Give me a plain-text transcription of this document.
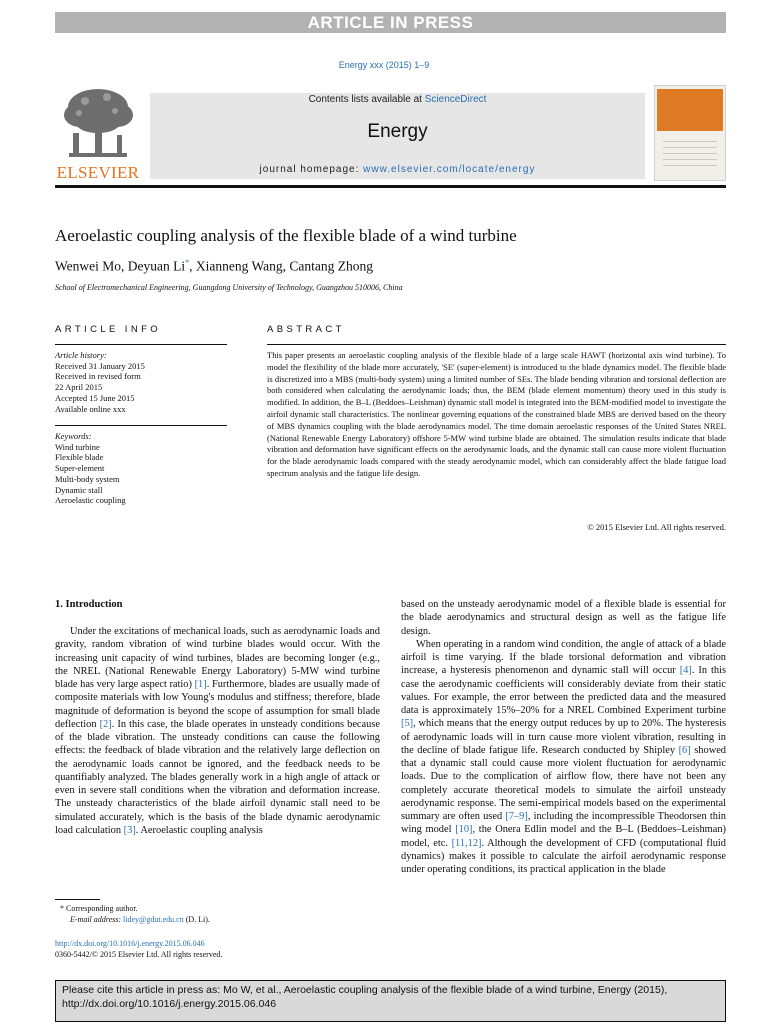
ARTICLE IN PRESS
Energy xxx (2015) 1–9
ELSEVIER
Contents lists available at ScienceDirect
Energy
journal homepage: www.elsevier.com/locate/energy
Aeroelastic coupling analysis of the flexible blade of a wind turbine
Wenwei Mo, Deyuan Li*, Xianneng Wang, Cantang Zhong
School of Electromechanical Engineering, Guangdong University of Technology, Guangzhou 510006, China
ARTICLE INFO	ABSTRACT
Article history:
Received 31 January 2015
Received in revised form
22 April 2015
Accepted 15 June 2015
Available online xxx
Keywords:
Wind turbine
Flexible blade
Super-element
Multi-body system
Dynamic stall
Aeroelastic coupling
This paper presents an aeroelastic coupling analysis of the flexible blade of a large scale HAWT (horizontal axis wind turbine). To model the flexibility of the blade more accurately, 'SE' (super-element) is introduced to the blade dynamics model. The flexible blade is discretized into a MBS (multi-body system) using a limited number of SEs. The blade bending vibration and torsional deflection are both considered when calculating the aerodynamic loads; thus, the BEM (blade element momentum) theory used in this study is modified. In addition, the B–L (Beddoes–Leishman) dynamic stall model is integrated into the BEM-modified model to investigate the airfoil dynamic stall characteristics. The nonlinear governing equations of the constrained blade MBS are derived based on the theory of MBS dynamics coupling with the blade aerodynamics model. The time domain aeroelastic responses of the United States NREL (National Renewable Energy Laboratory) offshore 5-MW wind turbine blade are obtained. The simulation results indicate that blade vibration and deformation have significant effects on the aerodynamic loads, and the dynamic stall can cause more violent fluctuation for the blade aerodynamic loads compared with the steady aerodynamic model, which can considerably affect the blade fatigue load spectrum analysis and the fatigue life design.
© 2015 Elsevier Ltd. All rights reserved.
1. Introduction

Under the excitations of mechanical loads, such as aerodynamic loads and gravity, random vibration of wind turbine blades would occur. With the increasing unit capacity of wind turbines, blades are becoming longer (e.g., the NREL (National Renewable Energy Laboratory) 5-MW wind turbine blade has very large aspect ratio) [1]. Furthermore, blades are usually made of composite materials with low Young's modulus and stiffness; therefore, blade magnitude of deformation is beyond the scope of assumption for small blade deflection [2]. In this case, the blade operates in unsteady conditions because of the blade vibration. The unsteady conditions can cause the following effects: the feedback of blade vibration and the relatively large deflection on the aerodynamic loads cannot be ignored, and the feedback needs to be quantifiably analyzed. The blades generally work in a high angle of attack or even in severe stall conditions when the vibration and deformation increase. The unsteady characteristics of the blade airfoil dynamic stall need to be simulated accurately, which is the basis of the blade dynamic aerodynamic load calculation [3]. Aeroelastic coupling analysis

based on the unsteady aerodynamic model of a flexible blade is essential for the blade aerodynamics and structural design as well as the fatigue life design.

When operating in a random wind condition, the angle of attack of a blade airfoil is time varying. If the blade torsional deformation and vibration increase, a hysteresis phenomenon and dynamic stall will occur [4]. In this case the aerodynamic coefficients will considerably deviate from their static values. For example, the error between the predicted data and the measured data is approximately 15%–20% for a NREL Combined Experiment turbine [5], which means that the energy output reduces by up to 20%. The hysteresis of aerodynamic loads will in turn cause more violent vibration, resulting in the decline of blade fatigue life. Research conducted by Shipley [6] showed that a dynamic stall could cause more violent fluctuation for aerodynamic loads. Due to the complication of airflow flow, there have not been any completely accurate theoretical models to simulate the airfoil unsteady aerodynamic response. The semi-empirical models based on the experimental summary are often used [7–9], including the incompressible Theodorsen thin wing model [10], the Onera Edlin model and the B–L (Beddoes–Leishman) model, etc. [11,12]. Although the development of CFD (computational fluid dynamics) makes it possible to calculate the airfoil aerodynamic response under operating conditions, its practical application in the blade

* Corresponding author.
E-mail address: lidey@gdut.edu.cn (D. Li).
http://dx.doi.org/10.1016/j.energy.2015.06.046
0360-5442/© 2015 Elsevier Ltd. All rights reserved.
Please cite this article in press as: Mo W, et al., Aeroelastic coupling analysis of the flexible blade of a wind turbine, Energy (2015), http://dx.doi.org/10.1016/j.energy.2015.06.046
